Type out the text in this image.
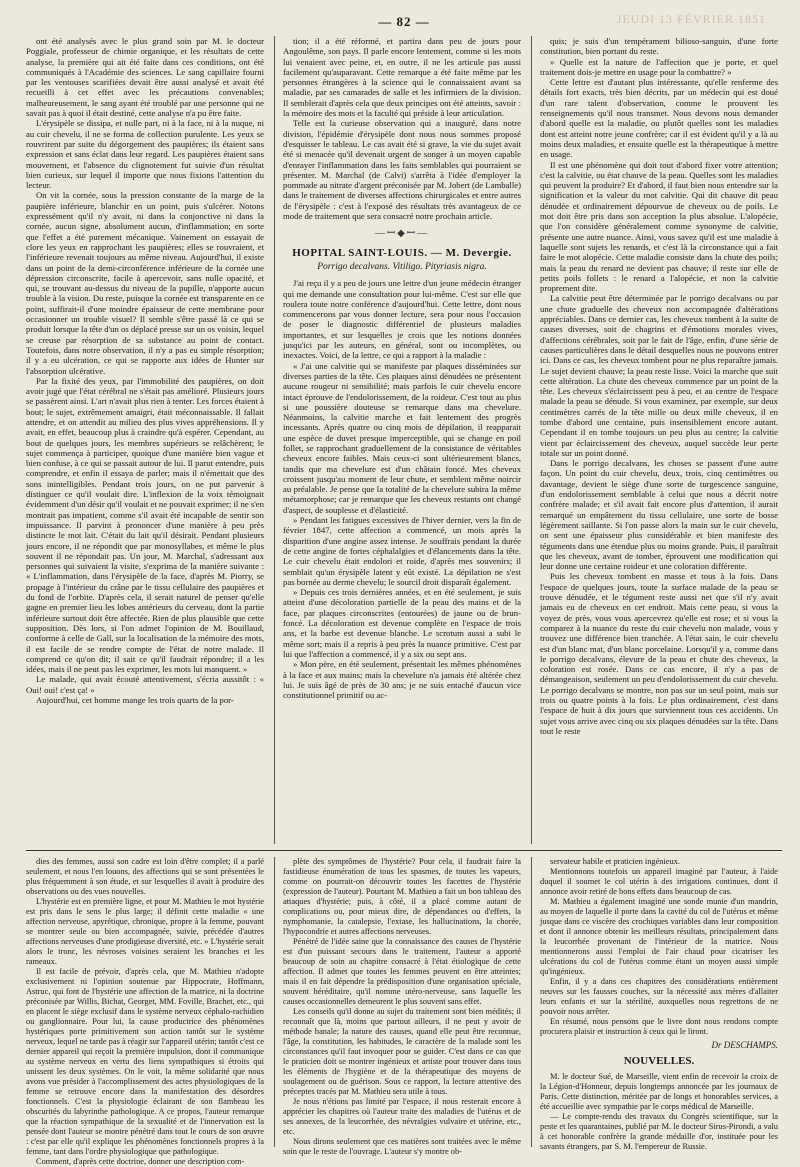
— 82 —	JEUDI 13 FÉVRIER 1851

ont été analysés avec le plus grand soin par M. le docteur Poggiale, professeur de chimie organique, et les résultats de cette analyse, la première qui ait été faite dans ces conditions, ont été communiqués à l'Académie des sciences. Le sang capillaire fourni par les ventouses scarifiées devait être aussi analysé et avait été recueilli à cet effet avec les précautions convenables; malheureusement, le sang ayant été troublé par une personne qui ne savait pas à quoi il était destiné, cette analyse n'a pu être faite.

L'érysipèle se dissipa, et nulle part, ni à la face, ni à la nuque, ni au cuir chevelu, il ne se forma de collection purulente. Les yeux se rouvrirent par suite du dégorgement des paupières; ils étaient sans expression et sans éclat dans leur regard. Les paupières étaient sans mouvement, et l'absence du clignotement fut suivie d'un résultat bien curieux, sur lequel il importe que nous fixions l'attention du lecteur.

On vit la cornée, sous la pression constante de la marge de la paupière inférieure, blanchir en un point, puis s'ulcérer. Notons expressément qu'il n'y avait, ni dans la conjonctive ni dans la cornée, aucun signe, absolument aucun, d'inflammation; en sorte que l'effet a été purement mécanique. Vainement on essayait de clore les yeux en rapprochant les paupières; elles se rouvraient, et l'inférieure revenait toujours au même niveau. Aujourd'hui, il existe dans un point de la demi-circonférence inférieure de la cornée une dépression circonscrite, facile à apercevoir, sans nulle opacité, et qui, se trouvant au-dessus du niveau de la pupille, n'apporte aucun trouble à la vision. Du reste, puisque la cornée est transparente en ce point, suffirait-il d'une moindre épaisseur de cette membrane pour occasionner un trouble visuel? Il semble s'être passé là ce qui se produit lorsque la tête d'un os déplacé presse sur un os voisin, lequel se creuse par résorption de sa substance au point de contact. Toutefois, dans notre observation, il n'y a pas eu simple résorption; il y a eu ulcération, ce qui se rapporte aux idées de Hunter sur l'absorption ulcérative.

Par la fixité des yeux, par l'immobilité des paupières, on doit avoir jugé que l'état cérébral ne s'était pas amélioré. Plusieurs jours se passèrent ainsi. L'art n'avait plus rien à tenter. Les forces étaient à bout; le sujet, extrêmement amaigri, était méconnaissable. Il fallait attendre, et on attendit au milieu des plus vives appréhensions. Il y avait, en effet, beaucoup plus à craindre qu'à espérer. Cependant, au bout de quelques jours, les membres supérieurs se relâchèrent; le sujet commença à participer, quoique d'une manière bien vague et bien confuse, à ce qui se passait autour de lui. Il parut entendre, puis comprendre, et enfin il essaya de parler; mais il n'émettait que des sons inintelligibles. Pendant trois jours, on ne put parvenir à distinguer ce qu'il voulait dire. L'inflexion de la voix témoignait évidemment d'un désir qu'il voulait et ne pouvait exprimer; il ne s'en montrait pas impatient, comme s'il avait été incapable de sentir son impuissance. Il parvint à prononcer d'une manière à peu près distincte le mot lait. C'était du lait qu'il désirait. Pendant plusieurs jours encore, il ne répondit que par monosyllabes, et même le plus souvent il ne répondait pas. Un jour, M. Marchal, s'adressant aux personnes qui suivaient la visite, s'exprima de la manière suivante : « L'inflammation, dans l'érysipèle de la face, d'après M. Piorry, se propage à l'intérieur du crâne par le tissu cellulaire des paupières et du fond de l'orbite. D'après cela, il serait naturel de penser qu'elle gagne en premier lieu les lobes antérieurs du cerveau, dont la partie inférieure surtout doit être affectée. Rien de plus plausible que cette supposition. Dès lors, si l'on admet l'opinion de M. Bouillaud, conforme à celle de Gall, sur la localisation de la mémoire des mots, il est facile de se rendre compte de l'état de notre malade. Il comprend ce qu'on dit; il sait ce qu'il faudrait répondre; il a les idées, mais il ne peut pas les exprimer, les mots lui manquent. »

Le malade, qui avait écouté attentivement, s'écria aussitôt : « Oui! oui! c'est ça! »

Aujourd'hui, cet homme mange les trois quarts de la por-

tion; il a été réformé, et partira dans peu de jours pour Angoulême, son pays. Il parle encore lentement, comme si les mots lui venaient avec peine, et, en outre, il ne les articule pas aussi facilement qu'auparavant. Cette remarque a été faite même par les personnes étrangères à la science qui le connaissaient avant sa maladie, par ses camarades de salle et les infirmiers de la division. Il semblerait d'après cela que deux principes ont été atteints, savoir : la mémoire des mots et la faculté qui préside à leur articulation.

Telle est la curieuse observation qui a inauguré, dans notre division, l'épidémie d'érysipèle dont nous nous sommes proposé d'esquisser le tableau. Le cas avait été si grave, la vie du sujet avait été si menacée qu'il devenait urgent de songer à un moyen capable d'enrayer l'inflammation dans les faits semblables qui pourraient se présenter. M. Marchal (de Calvi) s'arrêta à l'idée d'employer la pommade au nitrate d'argent préconisée par M. Jobert (de Lamballe) dans le traitement de diverses affections chirurgicales et entre autres de l'érysipèle : c'est à l'exposé des résultats très avantageux de ce mode de traitement que sera consacré notre prochain article.

—ꟷ◆ꟷ—
HOPITAL SAINT-LOUIS. — M. Devergie.
Porrigo decalvans. Vitiligo. Pityriasis nigra.

J'ai reçu il y a peu de jours une lettre d'un jeune médecin étranger qui me demande une consultation pour lui-même. C'est sur elle que roulera toute notre conférence d'aujourd'hui. Cette lettre, dont nous commencerons par vous donner lecture, sera pour nous l'occasion de poser le diagnostic différentiel de plusieurs maladies importantes, et sur lesquelles je crois que les notions données jusqu'ici par les auteurs, en général, sont ou incomplètes, ou inexactes. Voici, de la lettre, ce qui a rapport à la maladie :

« J'ai une calvitie qui se manifeste par plaques disséminées sur diverses parties de la tête. Ces plaques ainsi dénudées ne présentent aucune rougeur ni sensibilité; mais parfois le cuir chevelu encore intact éprouve de l'endolorissement, de la roideur. C'est tout au plus si une poussière douteuse se remarque dans ma chevelure. Néanmoins, la calvitie marche et fait lentement des progrès incessants. Après quatre ou cinq mois de dépilation, il reapparait une espèce de duvet presque imperceptible, qui se change en poil follet, se rapprochant graduellement de la consistance de véritables cheveux encore faibles. Mais ceux-ci sont ultérieurement blancs, tandis que ma chevelure est d'un châtain foncé. Mes cheveux croissent jusqu'au moment de leur chute, et semblent même noircir au préalable. Je pense que la totalité de la chevelure subira la même métamorphose; car je remarque que les cheveux restants ont changé d'aspect, de souplesse et d'élasticité.

» Pendant les fatigues excessives de l'hiver dernier, vers la fin de février 1847, cette affection a commencé, un mois après la disparition d'une angine assez intense. Je souffrais pendant la durée de cette angine de fortes céphalalgies et d'élancements dans la tête. Le cuir chevelu était endolori et roide, d'après mes souvenirs; il semblait qu'un érysipèle latent y eût existé. La dépilation ne s'est pas bornée au derme chevelu; le sourcil droit disparaît également.

» Depuis ces trois dernières années, et en été seulement, je suis atteint d'une décoloration partielle de la peau des mains et de la face, par plaques circonscrites (entourées) de jaune ou de brun-foncé. La décoloration est devenue complète en l'espace de trois ans, et la barbe est devenue blanche. Le scrotum aussi a subi le même sort; mais il a repris à peu près la nuance primitive. C'est par lui que l'affection a commencé, il y a six ou sept ans.

» Mon père, en été seulement, présentait les mêmes phénomènes à la face et aux mains; mais la chevelure n'a jamais été altérée chez lui. Je suis âgé de près de 30 ans; je ne suis entaché d'aucun vice constitutionnel primitif ou ac-

quis; je suis d'un tempérament bilioso-sanguin, d'une forte constitution, bien portant du reste.

» Quelle est la nature de l'affection que je porte, et quel traitement dois-je mettre en usage pour la combattre? »

Cette lettre est d'autant plus intéressante, qu'elle renferme des détails fort exacts, très bien décrits, par un médecin qui est doué d'un rare talent d'observation, comme le prouvent les renseignements qu'il nous transmet. Nous devons nous demander d'abord quelle est la maladie, ou plutôt quelles sont les maladies dont est atteint notre jeune confrère; car il est évident qu'il y a là au moins deux maladies, et ensuite quelle est la thérapeutique à mettre en usage.

Il est une phénomène qui doit tout d'abord fixer votre attention; c'est la calvitie, ou état chauve de la peau. Quelles sont les maladies qui peuvent la produire? Et d'abord, il faut bien nous entendre sur la signification et la valeur du mot calvitie. Qui dit chauve dit peau dénudée et ordinairement dépourvue de cheveux ou de poils. Le mot doit être pris dans son acception la plus absolue. L'alopécie, que l'on considère généralement comme synonyme de calvitie, présente une autre nuance. Ainsi, vous savez qu'il est une maladie à laquelle sont sujets les renards, et c'est là la circonstance qui a fait faire le mot alopécie. Cette maladie consiste dans la chute des poils; mais la peau du renard ne devient pas chauve; il reste sur elle de petits poils follets : le renard a l'alopécie, et non la calvitie proprement dite.

La calvitie peut être déterminée par le porrigo decalvans ou par une chute graduelle des cheveux non accompagnée d'altérations appréciables. Dans ce dernier cas, les cheveux tombent à la suite de causes diverses, soit de chagrins et d'émotions morales vives, d'affections cérébrales, soit par le fait de l'âge, enfin, d'une série de causes particulières dans le détail desquelles nous ne pouvons entrer ici. Dans ce cas, les cheveux tombent pour ne plus reparaître jamais. Le sujet devient chauve; la peau reste lisse. Voici la marche que suit cette altération. La chute des cheveux commence par un point de la tête. Les cheveux s'éclaircissent peu à peu, et au centre de l'espace malade la peau se dénude. Si vous examinez, par exemple, sur deux centimètres carrés de la tête mille ou deux mille cheveux, il en tombe d'abord une centaine, puis insensiblement encore autant. Cependant il en tombe toujours un peu plus au centre; la calvitie vient par éclaircissement des cheveux, auquel succède leur perte totale sur un point donné.

Dans le porrigo decalvans, les choses se passent d'une autre façon. Un point du cuir chevelu, deux, trois, cinq centimètres ou davantage, devient le siège d'une sorte de turgescence sanguine, d'un endolorissement semblable à celui que nous a décrit notre confrère malade; et s'il avait fait encore plus d'attention, il aurait remarqué un empâtement du tissu cellulaire, une sorte de bosse légèrement saillante. Si l'on passe alors la main sur le cuir chevelu, on sent une épaisseur plus considérable et bien manifeste des téguments dans une étendue plus ou moins grande. Puis, il paraîtrait que les cheveux, avant de tomber, éprouvent une modification qui leur donne une certaine roideur et une coloration différente.

Puis les cheveux tombent en masse et tous à la fois. Dans l'espace de quelques jours, toute la surface malade de la peau se trouve dénudée, et le tégument reste aussi net que s'il n'y avait jamais eu de cheveux en cet endroit. Mais cette peau, si vous la voyez de près, vous vous apercevrez qu'elle est rose; et si vous la comparez à la nuance du reste du cuir chevelu non malade, vous y trouvez une différence bien tranchée. A l'état sain, le cuir chevelu est d'un blanc mat, d'un blanc porcelaine. Lorsqu'il y a, comme dans le porrigo decalvans, élevure de la peau et chute des cheveux, la coloration est rosée. Dans ce cas encore, il n'y a pas de démangeaison, seulement un peu d'endolorissement du cuir chevelu. Le porrigo decalvans se montre, non pas sur un seul point, mais sur trois ou quatre points à la fois. Le plus ordinairement, c'est dans l'espace de huit à dix jours que surviennent tous ces accidents. Un sujet vous arrive avec cinq ou six plaques dénudées sur la tête. Dans tout le reste

dies des femmes, aussi son cadre est loin d'être complet; il a parlé seulement, et nous l'en louons, des affections qui se sont présentées le plus fréquemment à son étude, et sur lesquelles il avait à produire des observations ou des vues nouvelles.

L'hystérie est en première ligne, et pour M. Mathieu le mot hystérie est pris dans le sens le plus large; il définit cette maladie « une affection nerveuse, apyrétique, chronique, propre à la femme, pouvant se montrer seule ou bien accompagnée, suivie, précédée d'autres affections nerveuses d'une prodigieuse diversité, etc. » L'hystérie serait alors le tronc, les névroses voisines seraient les branches et les rameaux.

Il est facile de prévoir, d'après cela, que M. Mathieu n'adopte exclusivement ni l'opinion soutenue par Hippocrate, Hoffmann, Astruc, qui font de l'hystérie une affection de la matrice, ni la doctrine préconisée par Willis, Bichat, Georget, MM. Foville, Brachet, etc., qui en placent le siège exclusif dans le système nerveux céphalo-rachidien ou ganglionnaire. Pour lui, la cause productrice des phénomènes hystériques porte primitivement son action tantôt sur le système nerveux, lequel ne tarde pas à réagir sur l'appareil utérin; tantôt c'est ce dernier appareil qui reçoit la première impulsion, dont il communique au système nerveux en vertu des liens sympathiques si étroits qui unissent les deux systèmes. On le voit, la même solidarité que nous avons vue présider à l'accomplissement des actes physiologiques de la femme se retrouve encore dans la manifestation des désordres fonctionnels. C'est la physiologie éclairant de son flambeau les obscurités du labyrinthe pathologique. A ce propos, l'auteur remarque que la réaction sympathique de la sexualité et de l'innervation est la pensée dont l'auteur se montre pénétré dans tout le cours de son œuvre : c'est par elle qu'il explique les phénomènes fonctionnels propres à la femme, tant dans l'ordre physiologique que pathologique.

Comment, d'après cette doctrine, donner une description com-

plète des symptômes de l'hystérie? Pour cela, il faudrait faire la fastidieuse énumération de tous les spasmes, de toutes les vapeurs, comme on pourrait-on découvrir toutes les facettes de l'hystérie (expression de l'auteur). Pourtant M. Mathieu a fait un bon tableau des attaques d'hystérie; puis, à côté, il a placé comme autant de complications ou, pour mieux dire, de dépendances ou d'effets, la nymphomanie, la catalepsie, l'extase, les hallucinations, la chorée, l'hypocondrie et autres affections nerveuses.

Pénétré de l'idée saine que la connaissance des causes de l'hystérie est d'un puissant secours dans le traitement, l'auteur a apporté beaucoup de soin au chapitre consacré à l'état étiologique de cette affection. Il admet que toutes les femmes peuvent en être atteintes; mais il en fait dépendre la prédisposition d'une organisation spéciale, souvent héréditaire, qu'il nomme utéro-nerveuse, sans laquelle les causes occasionnelles demeurent le plus souvent sans effet.

Les conseils qu'il donne au sujet du traitement sont bien médités; il reconnaît que là, moins que partout ailleurs, il ne peut y avoir de méthode banale; la nature des causes, quand elle peut être reconnue, l'âge, la constitution, les habitudes, le caractère de la malade sont les circonstances qu'il faut invoquer pour se guider. C'est dans ce cas que le praticien doit se montrer ingénieux et artiste pour trouver dans tous les éléments de l'hygiène et de la thérapeutique des moyens de soulagement ou de guérison. Sous ce rapport, la lecture attentive des préceptes tracés par M. Mathieu sera utile à tous.

Je nous n'étions pas limité par l'espace, il nous resterait encore à apprécier les chapitres où l'auteur traite des maladies de l'utérus et de ses annexes, de la leucorrhée, des névralgies vulvaire et utérine, etc., etc.

Nous dirons seulement que ces matières sont traitées avec le même soin que le reste de l'ouvrage. L'auteur s'y montre ob-

servateur habile et praticien ingénieux.

Mentionnons toutefois un appareil imaginé par l'auteur, à l'aide duquel il soumet le col utérin à des irrigations continues, dont il annonce avoir retiré de bons effets dans beaucoup de cas.

M. Mathieu a également imaginé une sonde munie d'un mandrin, au moyen de laquelle il porte dans la cavité du col de l'utérus et même jusque dans ce viscère des crochiques variables dans leur composition et dont il annonce obtenir les meilleurs résultats, principalement dans la leucorrhée provenant de l'intérieur de la matrice. Nous mentionnerons aussi l'emploi de l'air chaud pour cicatriser les ulcérations du col de l'utérus comme étant un moyen aussi simple qu'ingénieux.

Enfin, il y a dans ces chapitres des considérations entièrement neuves sur les fausses couches, sur la nécessité aux mères d'allaiter leurs enfants et sur la stérilité, auxquelles nous regrettons de ne pouvoir nous arrêter.

En résumé, nous pensons que le livre dont nous rendons compte procurera plaisir et instruction à ceux qui le liront.

Dr DESCHAMPS.
NOUVELLES.

M. le docteur Sué, de Marseille, vient enfin de recevoir la croix de la Légion-d'Honneur, depuis longtemps annoncée par les journaux de Paris. Cette distinction, méritée par de longs et honorables services, a été accueillie avec sympathie par le corps médical de Marseille.

— Le compte-rendu des travaux du Congrès scientifique, sur la peste et les quarantaines, publié par M. le docteur Sirus-Pirondi, a valu à cet honorable confrère la grande médaille d'or, instituée pour les savants étrangers, par S. M. l'empereur de Russie.
